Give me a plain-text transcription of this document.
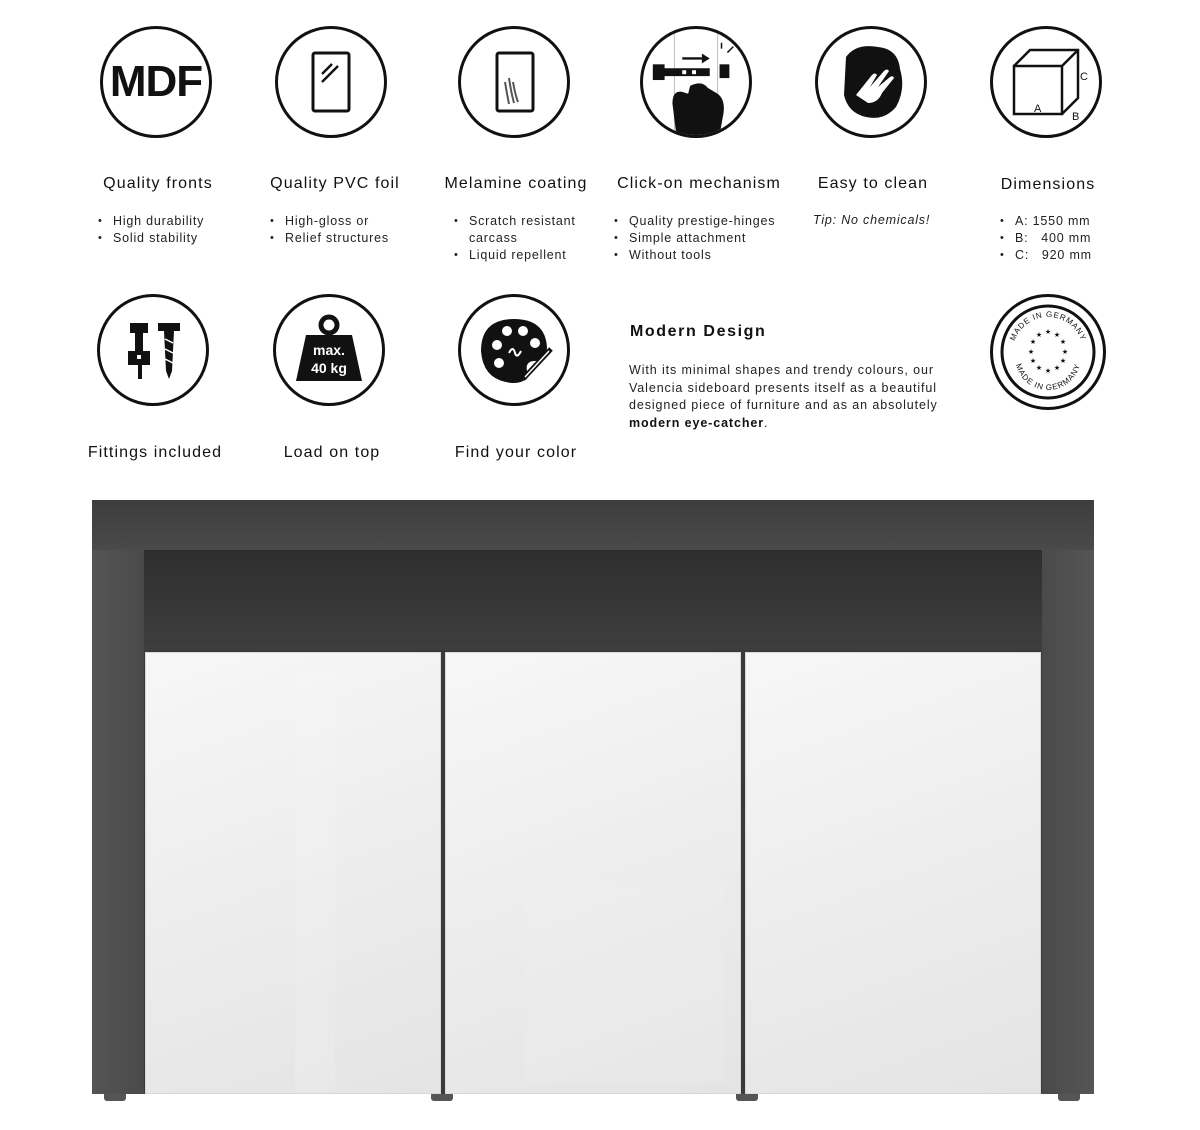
MDF
Quality fronts
• High durability
• Solid stability
Quality PVC foil
• High-gloss or
• Relief structures
Melamine coating
• Scratch resistant
carcass
• Liquid repellent
Click-on mechanism
• Quality prestige-hinges
• Simple attachment
• Without tools
Easy to clean
Tip: No chemicals!
A
C
B
Dimensions
• A: 1550 mm
• B:   400 mm
• C:   920 mm
Fittings included
max.
40 kg
Load on top	Find your color
Modern Design

With its minimal shapes and trendy colours, our Valencia sideboard presents itself as a beautiful designed piece of furniture and as an absolutely modern eye-catcher.

MADE IN GERMANY
MADE IN GERMANY
★ ★
★
★
★
★
★
★
★
★
★
★
